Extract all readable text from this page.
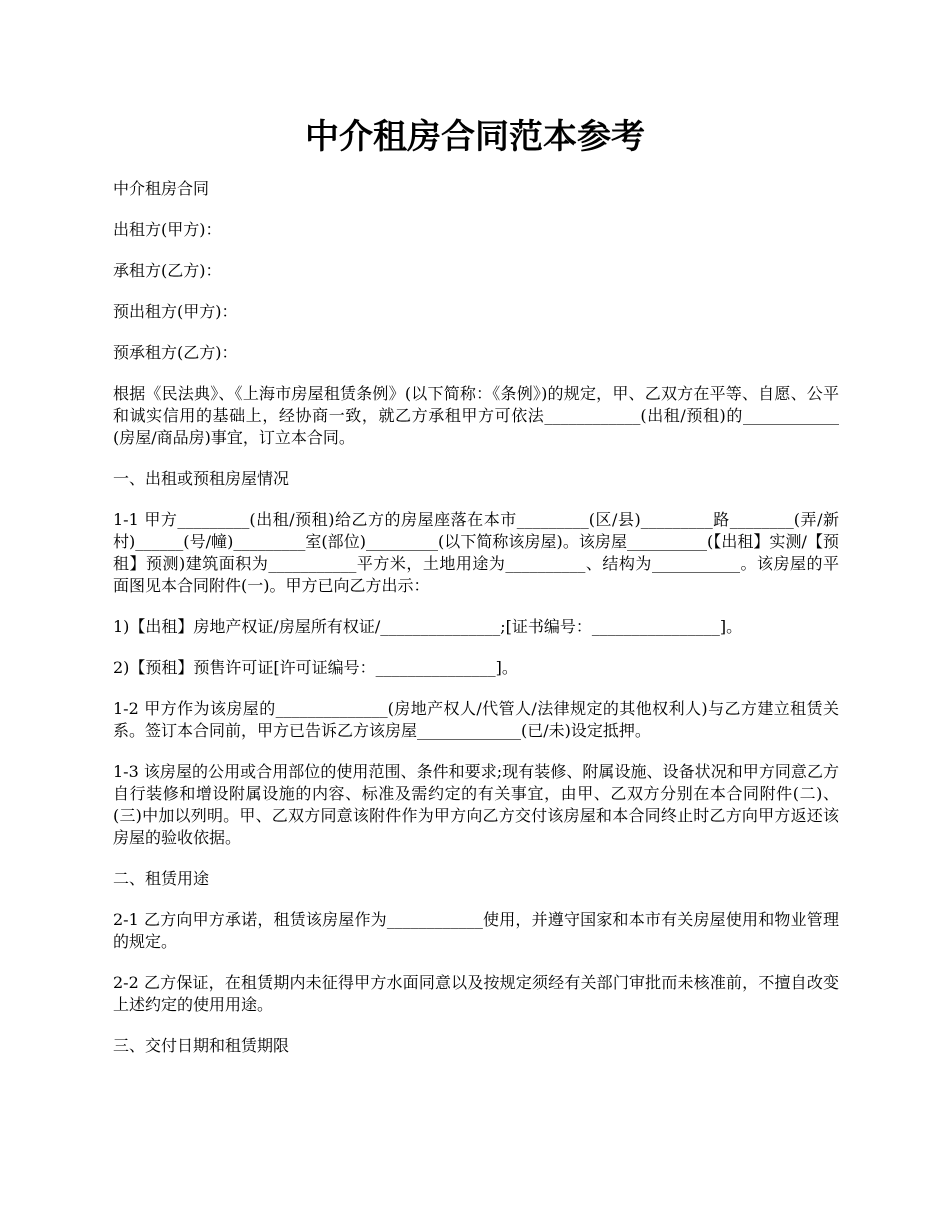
中介租房合同范本参考

中介租房合同

出租方(甲方)：

承租方(乙方)：

预出租方(甲方)：

预承租方(乙方)：

根据《民法典》、《上海市房屋租赁条例》(以下简称：《条例》)的规定，甲、乙双方在平等、自愿、公平和诚实信用的基础上，经协商一致，就乙方承租甲方可依法____________(出租/预租)的____________(房屋/商品房)事宜，订立本合同。

一、出租或预租房屋情况

1-1 甲方_________(出租/预租)给乙方的房屋座落在本市_________(区/县)_________路________(弄/新村)______(号/幢)_________室(部位)_________(以下简称该房屋)。该房屋__________(【出租】实测/【预租】预测)建筑面积为___________平方米，土地用途为__________、结构为___________。该房屋的平面图见本合同附件(一)。甲方已向乙方出示：

1)【出租】房地产权证/房屋所有权证/_______________;[证书编号：________________]。

2)【预租】预售许可证[许可证编号：_______________]。

1-2 甲方作为该房屋的______________(房地产权人/代管人/法律规定的其他权利人)与乙方建立租赁关系。签订本合同前，甲方已告诉乙方该房屋_____________(已/未)设定抵押。

1-3 该房屋的公用或合用部位的使用范围、条件和要求;现有装修、附属设施、设备状况和甲方同意乙方自行装修和增设附属设施的内容、标准及需约定的有关事宜，由甲、乙双方分别在本合同附件(二)、(三)中加以列明。甲、乙双方同意该附件作为甲方向乙方交付该房屋和本合同终止时乙方向甲方返还该房屋的验收依据。

二、租赁用途

2-1 乙方向甲方承诺，租赁该房屋作为____________使用，并遵守国家和本市有关房屋使用和物业管理的规定。

2-2 乙方保证，在租赁期内未征得甲方水面同意以及按规定须经有关部门审批而未核准前，不擅自改变上述约定的使用用途。

三、交付日期和租赁期限
